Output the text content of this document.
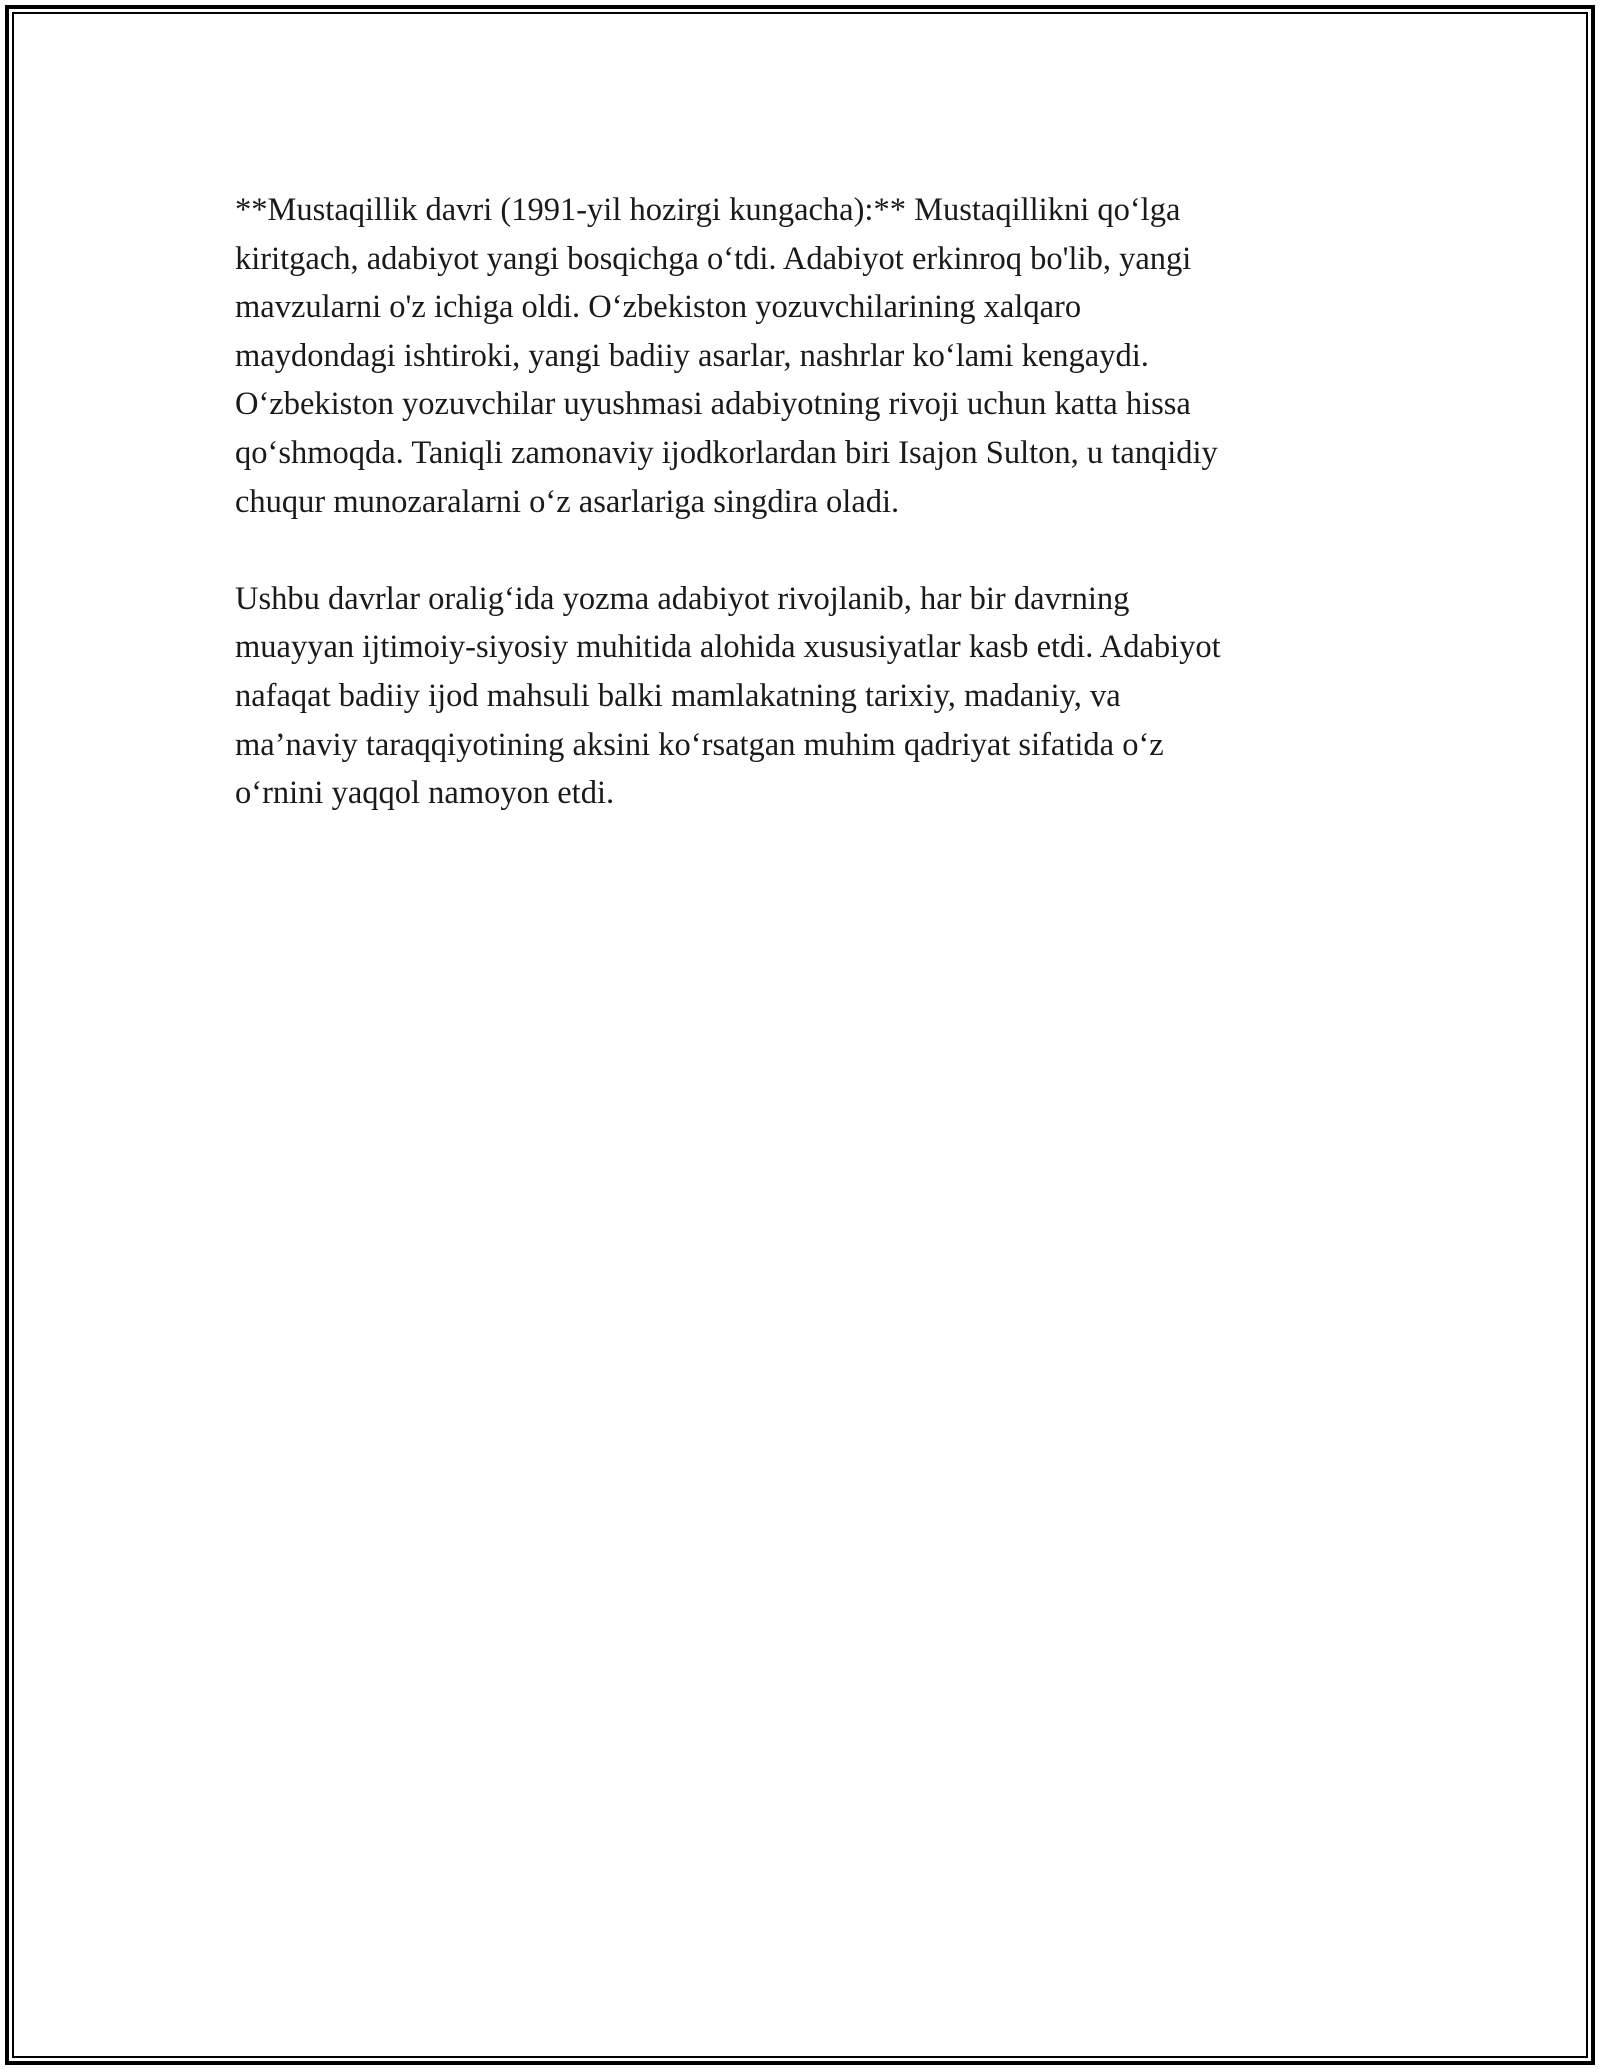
**Mustaqillik davri (1991-yil hozirgi kungacha):** Mustaqillikni qo‘lga
kiritgach, adabiyot yangi bosqichga o‘tdi. Adabiyot erkinroq bo'lib, yangi
mavzularni o'z ichiga oldi. O‘zbekiston yozuvchilarining xalqaro
maydondagi ishtiroki, yangi badiiy asarlar, nashrlar ko‘lami kengaydi.
O‘zbekiston yozuvchilar uyushmasi adabiyotning rivoji uchun katta hissa
qo‘shmoqda. Taniqli zamonaviy ijodkorlardan biri Isajon Sulton, u tanqidiy
chuqur munozaralarni o‘z asarlariga singdira oladi.

Ushbu davrlar oralig‘ida yozma adabiyot rivojlanib, har bir davrning
muayyan ijtimoiy-siyosiy muhitida alohida xususiyatlar kasb etdi. Adabiyot
nafaqat badiiy ijod mahsuli balki mamlakatning tarixiy, madaniy, va
ma’naviy taraqqiyotining aksini ko‘rsatgan muhim qadriyat sifatida o‘z
o‘rnini yaqqol namoyon etdi.
